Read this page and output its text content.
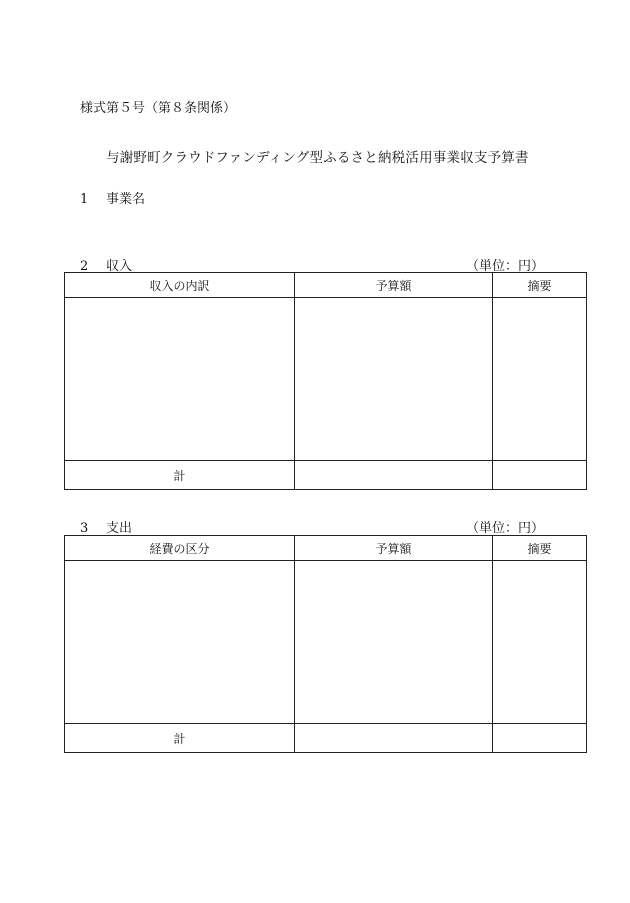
様式第５号（第８条関係）
与謝野町クラウドファンディング型ふるさと納税活用事業収支予算書
1 事業名
2 収入	（単位：円）
収入の内訳	予算額	摘要

計		
3 支出	（単位：円）
経費の区分	予算額	摘要

計		
